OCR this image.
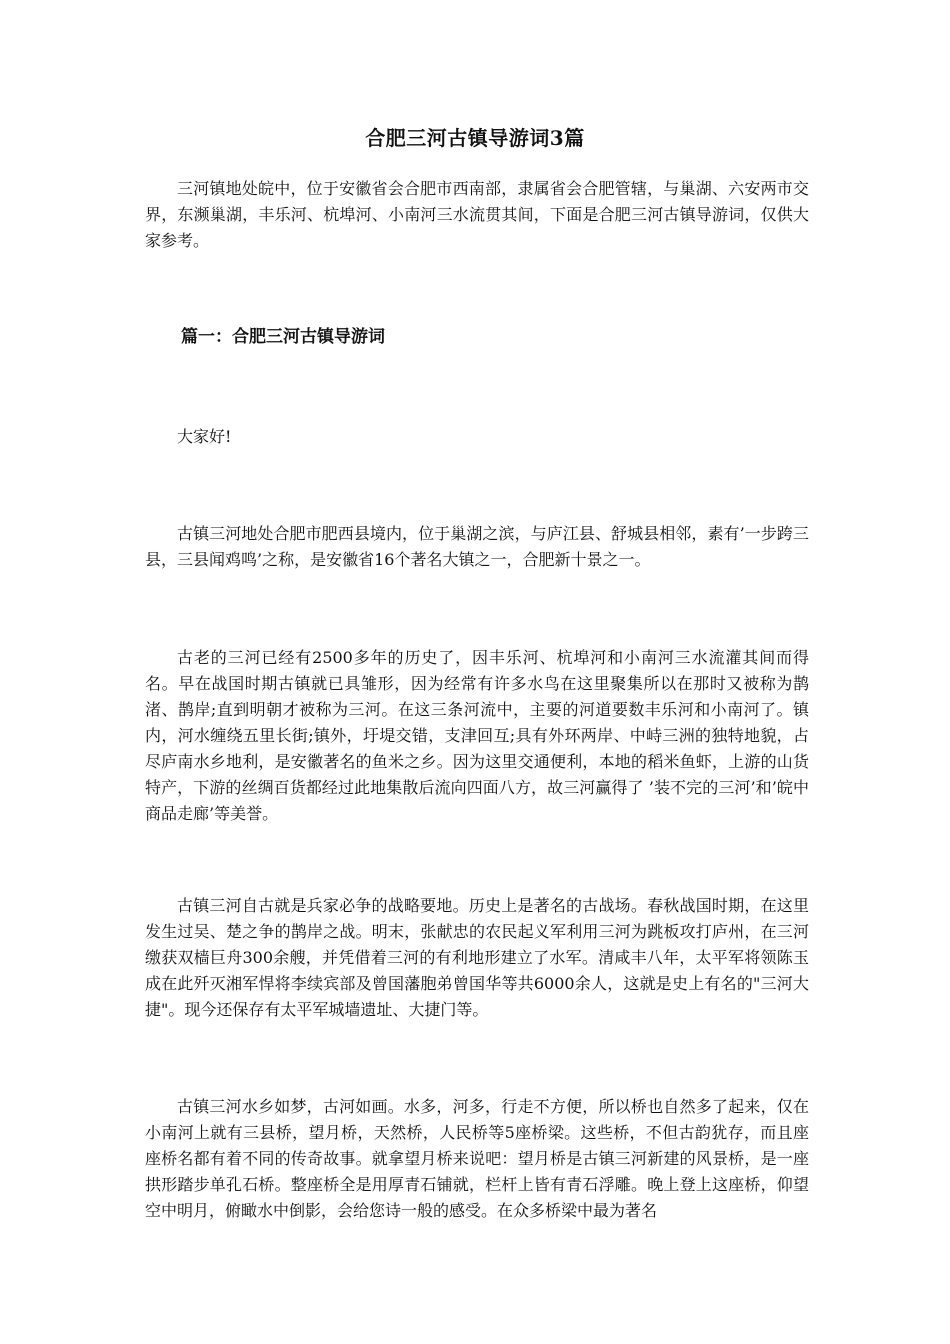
合肥三河古镇导游词3篇

三河镇地处皖中，位于安徽省会合肥市西南部，隶属省会合肥管辖，与巢湖、六安两市交界，东濒巢湖，丰乐河、杭埠河、小南河三水流贯其间，下面是合肥三河古镇导游词，仅供大家参考。

篇一：合肥三河古镇导游词

大家好!

古镇三河地处合肥市肥西县境内，位于巢湖之滨，与庐江县、舒城县相邻，素有’一步跨三县，三县闻鸡鸣’之称，是安徽省16个著名大镇之一，合肥新十景之一。

古老的三河已经有2500多年的历史了，因丰乐河、杭埠河和小南河三水流灌其间而得名。早在战国时期古镇就已具雏形，因为经常有许多水鸟在这里聚集所以在那时又被称为鹊渚、鹊岸;直到明朝才被称为三河。在这三条河流中，主要的河道要数丰乐河和小南河了。镇内，河水缠绕五里长街;镇外，圩堤交错，支津回互;具有外环两岸、中峙三洲的独特地貌，占尽庐南水乡地利，是安徽著名的鱼米之乡。因为这里交通便利，本地的稻米鱼虾，上游的山货特产，下游的丝绸百货都经过此地集散后流向四面八方，故三河赢得了 ’装不完的三河’和’皖中商品走廊’等美誉。

古镇三河自古就是兵家必争的战略要地。历史上是著名的古战场。春秋战国时期，在这里发生过吴、楚之争的鹊岸之战。明末，张献忠的农民起义军利用三河为跳板攻打庐州，在三河缴获双樯巨舟300余艘，并凭借着三河的有利地形建立了水军。清咸丰八年，太平军将领陈玉成在此歼灭湘军悍将李续宾部及曾国藩胞弟曾国华等共6000余人，这就是史上有名的"三河大捷"。现今还保存有太平军城墙遗址、大捷门等。

古镇三河水乡如梦，古河如画。水多，河多，行走不方便，所以桥也自然多了起来，仅在小南河上就有三县桥，望月桥，天然桥，人民桥等5座桥梁。这些桥，不但古韵犹存，而且座座桥名都有着不同的传奇故事。就拿望月桥来说吧：望月桥是古镇三河新建的风景桥，是一座拱形踏步单孔石桥。整座桥全是用厚青石铺就，栏杆上皆有青石浮雕。晚上登上这座桥，仰望空中明月，俯瞰水中倒影，会给您诗一般的感受。在众多桥梁中最为著名
